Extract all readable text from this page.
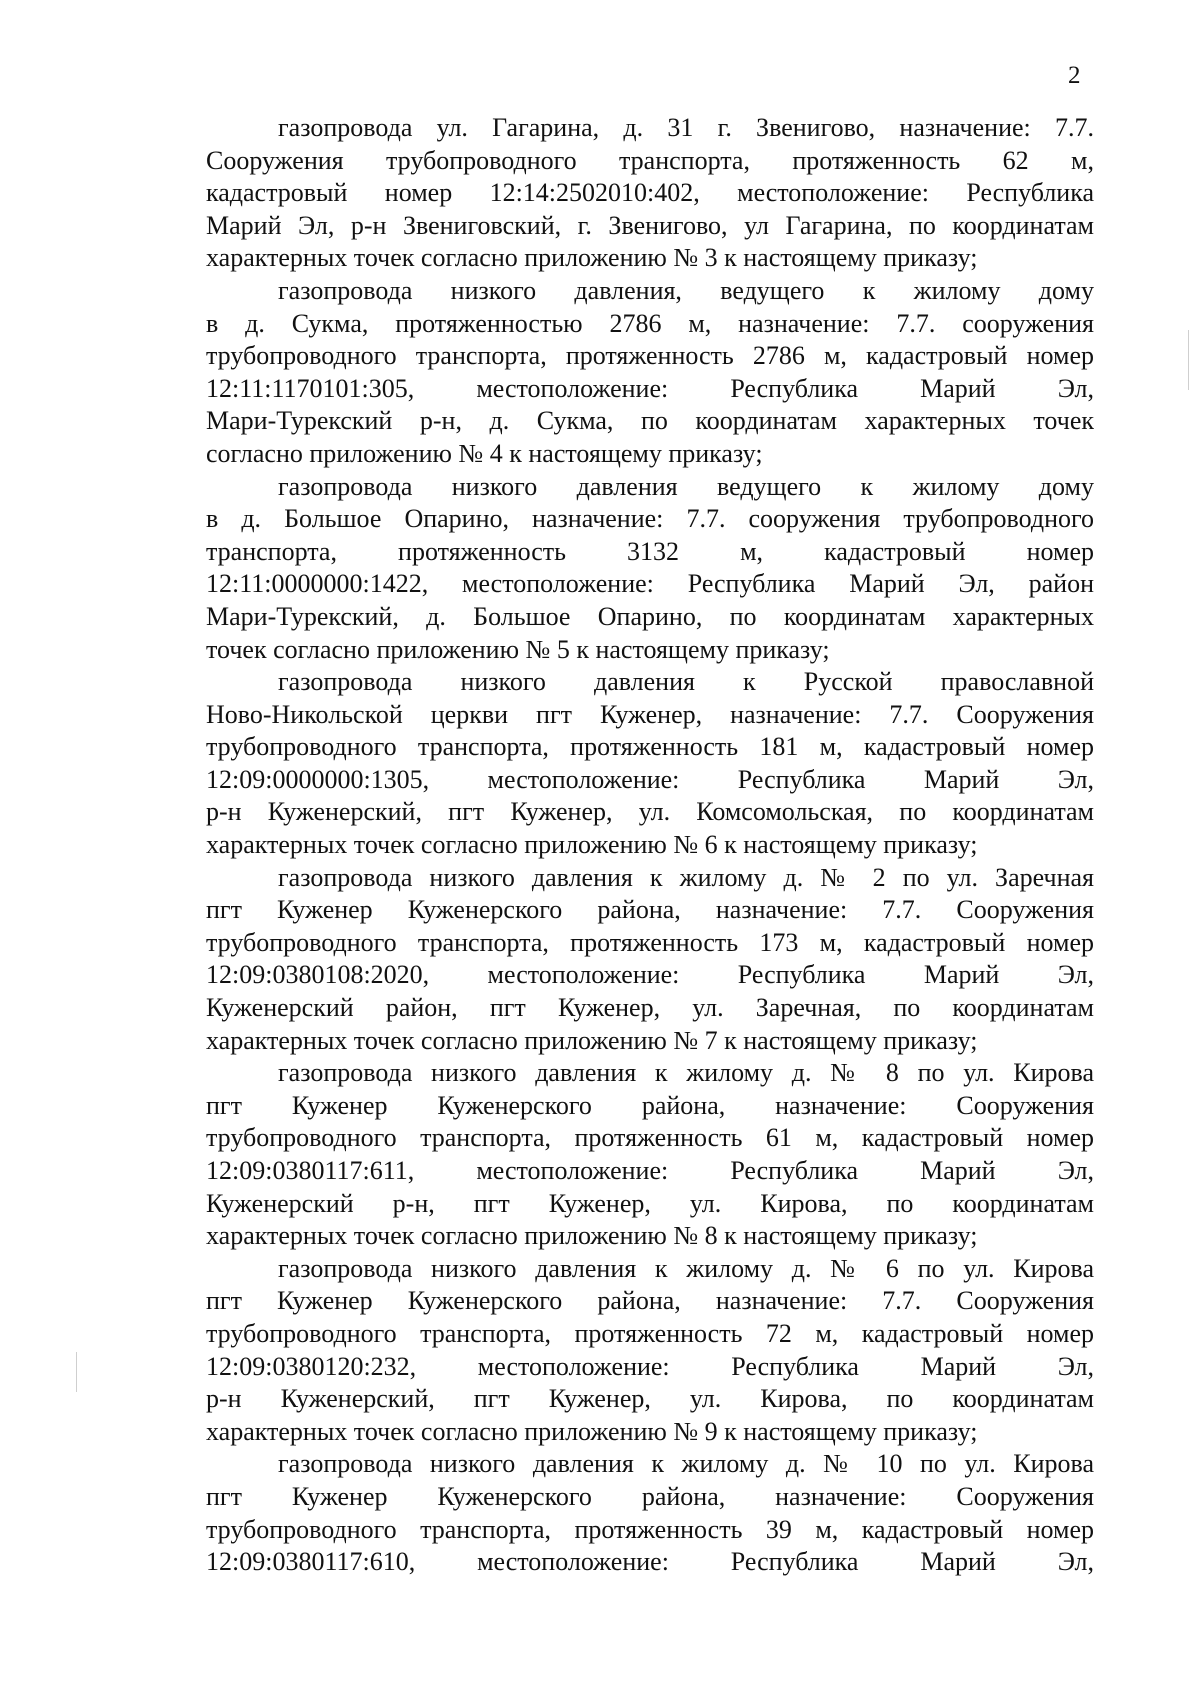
2
газопровода ул. Гагарина, д. 31 г. Звенигово, назначение: 7.7.
Сооружения трубопроводного транспорта, протяженность 62 м,
кадастровый номер 12:14:2502010:402, местоположение: Республика
Марий Эл, р-н Звениговский, г. Звенигово, ул Гагарина, по координатам
характерных точек согласно приложению № 3 к настоящему приказу;
газопровода низкого давления, ведущего к жилому дому
в д. Сукма, протяженностью 2786 м, назначение: 7.7. сооружения
трубопроводного транспорта, протяженность 2786 м, кадастровый номер
12:11:1170101:305, местоположение: Республика Марий Эл,
Мари-Турекский р-н, д. Сукма, по координатам характерных точек
согласно приложению № 4 к настоящему приказу;
газопровода низкого давления ведущего к жилому дому
в д. Большое Опарино, назначение: 7.7. сооружения трубопроводного
транспорта, протяженность 3132 м, кадастровый номер
12:11:0000000:1422, местоположение: Республика Марий Эл, район
Мари-Турекский, д. Большое Опарино, по координатам характерных
точек согласно приложению № 5 к настоящему приказу;
газопровода низкого давления к Русской православной
Ново-Никольской церкви пгт Куженер, назначение: 7.7. Сооружения
трубопроводного транспорта, протяженность 181 м, кадастровый номер
12:09:0000000:1305, местоположение: Республика Марий Эл,
р-н Куженерский, пгт Куженер, ул. Комсомольская, по координатам
характерных точек согласно приложению № 6 к настоящему приказу;
газопровода низкого давления к жилому д. № 2 по ул. Заречная
пгт Куженер Куженерского района, назначение: 7.7. Сооружения
трубопроводного транспорта, протяженность 173 м, кадастровый номер
12:09:0380108:2020, местоположение: Республика Марий Эл,
Куженерский район, пгт Куженер, ул. Заречная, по координатам
характерных точек согласно приложению № 7 к настоящему приказу;
газопровода низкого давления к жилому д. № 8 по ул. Кирова
пгт Куженер Куженерского района, назначение: Сооружения
трубопроводного транспорта, протяженность 61 м, кадастровый номер
12:09:0380117:611, местоположение: Республика Марий Эл,
Куженерский р-н, пгт Куженер, ул. Кирова, по координатам
характерных точек согласно приложению № 8 к настоящему приказу;
газопровода низкого давления к жилому д. № 6 по ул. Кирова
пгт Куженер Куженерского района, назначение: 7.7. Сооружения
трубопроводного транспорта, протяженность 72 м, кадастровый номер
12:09:0380120:232, местоположение: Республика Марий Эл,
р-н Куженерский, пгт Куженер, ул. Кирова, по координатам
характерных точек согласно приложению № 9 к настоящему приказу;
газопровода низкого давления к жилому д. № 10 по ул. Кирова
пгт Куженер Куженерского района, назначение: Сооружения
трубопроводного транспорта, протяженность 39 м, кадастровый номер
12:09:0380117:610, местоположение: Республика Марий Эл,
